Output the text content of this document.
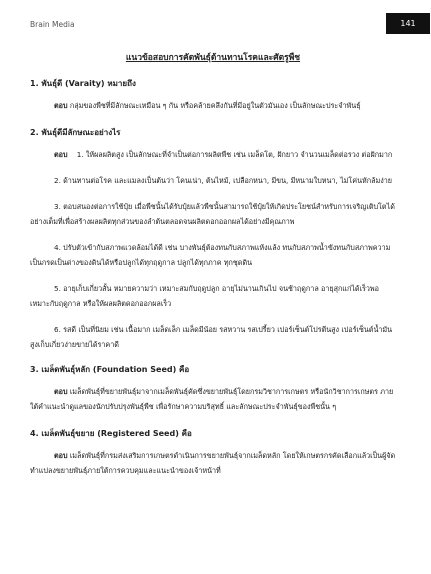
Brain Media	141
แนวข้อสอบการคัดพันธุ์ด้านทานโรคและศัตรูพืช
1. พันธุ์ดี (Varaity) หมายถึง

ตอบ กลุ่มของพืชที่มีลักษณะเหมือน ๆ กัน หรือคล้ายคลึงกันที่มีอยู่ในตัวมันเอง เป็นลักษณะประจำพันธุ์

2. พันธุ์ดีมีลักษณะอย่างไร

ตอบ 1. ให้ผลผลิตสูง เป็นลักษณะที่จำเป็นต่อการผลิตพืช เช่น เมล็ดโต, ฝักยาว จำนวนเมล็ดต่อรวง ต่อฝักมาก

2. ด้านทานต่อโรค และแมลงเป็นต้นว่า โคนเน่า, ต้นไหม้, เปลือกหนา, มีขน, มีหนามใบหนา, ไม่โค่นหักล้มง่าย

3. ตอบสนองต่อการใช้ปุ๋ย เมื่อพืชนั้นได้รับปุ๋ยแล้วพืชนั้นสามารถใช้ปุ๋ยให้เกิดประโยชน์สำหรับการเจริญเติบโตได้อย่างเต็มที่เพื่อสร้างผลผลิตทุกส่วนของลำต้นตลอดจนผลิตดอกออกผลได้อย่างมีคุณภาพ

4. ปรับตัวเข้ากับสภาพแวดล้อมได้ดี เช่น บางพันธุ์ต้องทนกับสภาพแห้งแล้ง ทนกับสภาพน้ำขังทนกับสภาพความเป็นกรดเป็นด่างของดินได้หรือปลูกได้ทุกฤดูกาล ปลูกได้ทุกภาค ทุกชุดดิน

5. อายุเก็บเกี่ยวสั้น หมายความว่า เหมาะสมกับฤดูปลูก อายุไม่นานเกินไป จนช้าฤดูกาล อายุสุกแก่ได้เร็วพอเหมาะกับฤดูกาล หรือให้ผลผลิตดอกออกผลเร็ว

6. รสดี เป็นที่นิยม เช่น เนื้อมาก เมล็ดเล็ก เมล็ดมีน้อย รสหวาน รสเปรี้ยว เปอร์เซ็นต์โปรตีนสูง เปอร์เซ็นต์น้ำมันสูงเก็บเกี่ยวง่ายขายได้ราคาดี

3. เมล็ดพันธุ์หลัก (Foundation Seed) คือ

ตอบ เมล็ดพันธุ์ที่ขยายพันธุ์มาจากเมล็ดพันธุ์คัดซึ่งขยายพันธุ์โดยกรมวิชาการเกษตร หรือนักวิชาการเกษตร ภายใต้คำแนะนำดูแลของนักปรับปรุงพันธุ์พืช เพื่อรักษาความบริสุทธิ์ และลักษณะประจำพันธุ์ของพืชนั้น ๆ

4. เมล็ดพันธุ์ขยาย (Registered Seed) คือ

ตอบ เมล็ดพันธุ์ที่กรมส่งเสริมการเกษตรดำเนินการขยายพันธุ์จากเมล็ดหลัก โดยให้เกษตรกรคัดเลือกแล้วเป็นผู้จัดทำแปลงขยายพันธุ์ภายใต้การควบคุมและแนะนำของเจ้าหน้าที่
